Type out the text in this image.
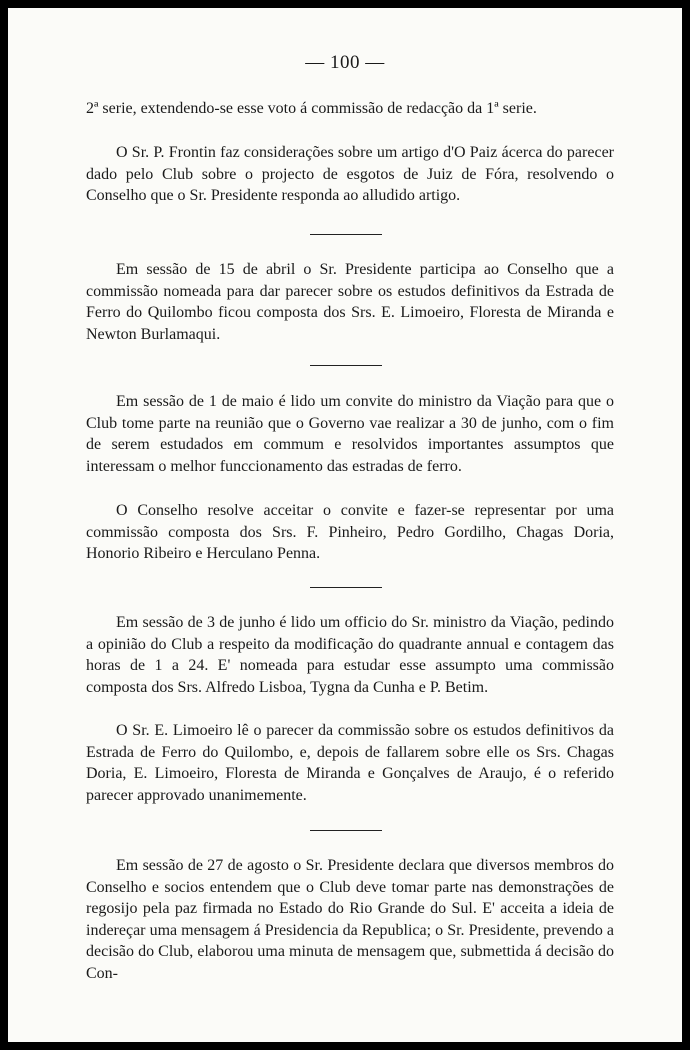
— 100 —

2ª serie, extendendo-se esse voto á commissão de redacção da 1ª serie.

O Sr. P. Frontin faz considerações sobre um artigo d'O Paiz ácerca do parecer dado pelo Club sobre o projecto de esgotos de Juiz de Fóra, resolvendo o Conselho que o Sr. Presidente responda ao alludido artigo.

Em sessão de 15 de abril o Sr. Presidente participa ao Conselho que a commissão nomeada para dar parecer sobre os estudos definitivos da Estrada de Ferro do Quilombo ficou composta dos Srs. E. Limoeiro, Floresta de Miranda e Newton Burlamaqui.

Em sessão de 1 de maio é lido um convite do ministro da Viação para que o Club tome parte na reunião que o Governo vae realizar a 30 de junho, com o fim de serem estudados em commum e resolvidos importantes assumptos que interessam o melhor funccionamento das estradas de ferro.

O Conselho resolve acceitar o convite e fazer-se representar por uma commissão composta dos Srs. F. Pinheiro, Pedro Gordilho, Chagas Doria, Honorio Ribeiro e Herculano Penna.

Em sessão de 3 de junho é lido um officio do Sr. ministro da Viação, pedindo a opinião do Club a respeito da modificação do quadrante annual e contagem das horas de 1 a 24. E' nomeada para estudar esse assumpto uma commissão composta dos Srs. Alfredo Lisboa, Tygna da Cunha e P. Betim.

O Sr. E. Limoeiro lê o parecer da commissão sobre os estudos definitivos da Estrada de Ferro do Quilombo, e, depois de fallarem sobre elle os Srs. Chagas Doria, E. Limoeiro, Floresta de Miranda e Gonçalves de Araujo, é o referido parecer approvado unanimemente.

Em sessão de 27 de agosto o Sr. Presidente declara que diversos membros do Conselho e socios entendem que o Club deve tomar parte nas demonstrações de regosijo pela paz firmada no Estado do Rio Grande do Sul. E' acceita a ideia de indereçar uma mensagem á Presidencia da Republica; o Sr. Presidente, prevendo a decisão do Club, elaborou uma minuta de mensagem que, submettida á decisão do Con-
